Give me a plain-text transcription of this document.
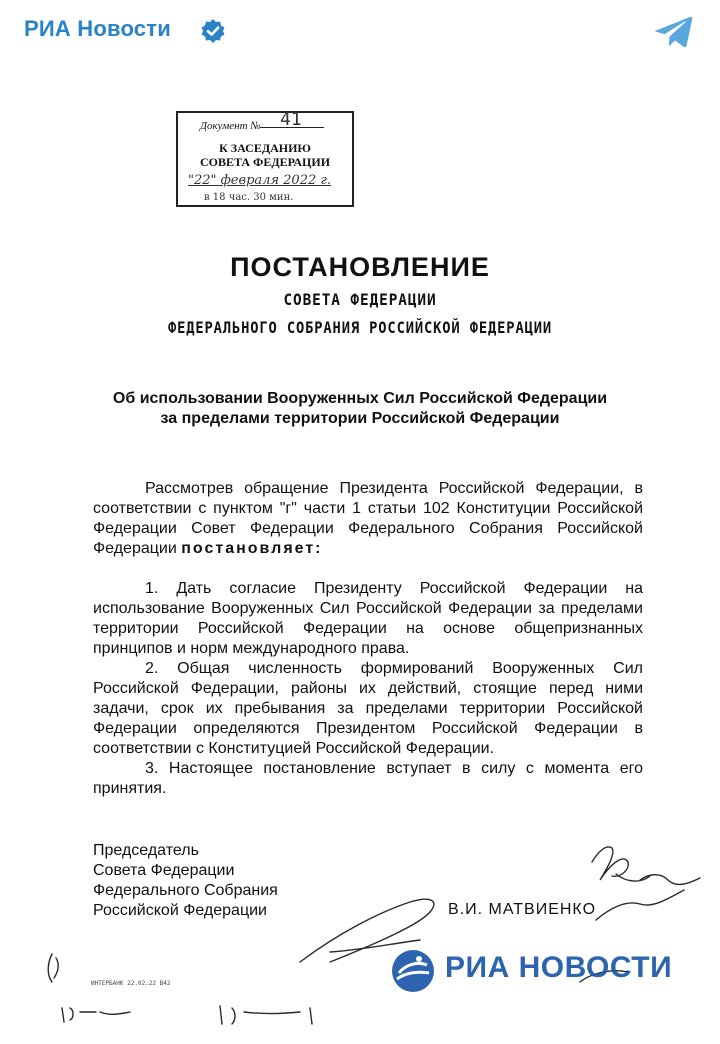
РИА Новости
Документ №	41
К ЗАСЕДАНИЮ
СОВЕТА ФЕДЕРАЦИИ
"22" февраля 2022 г.
в 18 час. 30 мин.
ПОСТАНОВЛЕНИЕ
СОВЕТА ФЕДЕРАЦИИ
ФЕДЕРАЛЬНОГО СОБРАНИЯ РОССИЙСКОЙ ФЕДЕРАЦИИ
Об использовании Вооруженных Сил Российской Федерации
за пределами территории Российской Федерации

Рассмотрев обращение Президента Российской Федерации, в соответствии с пунктом "г" части 1 статьи 102 Конституции Российской Федерации Совет Федерации Федерального Собрания Российской Федерации постановляет:

1. Дать согласие Президенту Российской Федерации на использование Вооруженных Сил Российской Федерации за пределами территории Российской Федерации на основе общепризнанных принципов и норм международного права.

2. Общая численность формирований Вооруженных Сил Российской Федерации, районы их действий, стоящие перед ними задачи, срок их пребывания за пределами территории Российской Федерации определяются Президентом Российской Федерации в соответствии с Конституцией Российской Федерации.

3. Настоящее постановление вступает в силу с момента его принятия.

Председатель
Совета Федерации
Федерального Собрания
Российской Федерации	В.И. МАТВИЕНКО
ИНТЕРБАНК 22.02.22 B42	РИА НОВОСТИ
